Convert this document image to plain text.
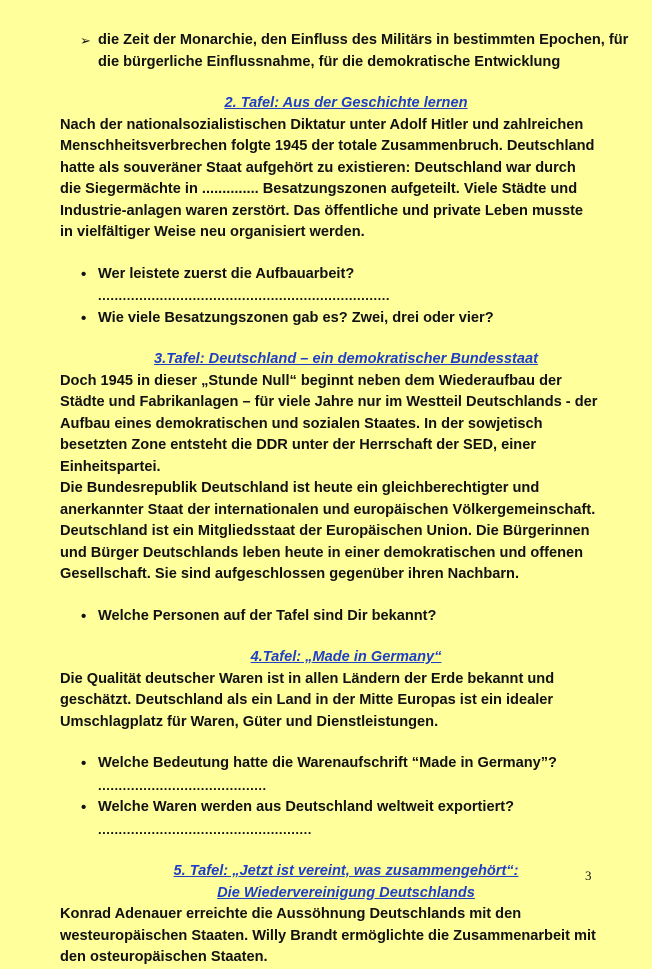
➢ die Zeit der Monarchie, den Einfluss des Militärs in bestimmten Epochen, für die bürgerliche Einflussnahme, für die demokratische Entwicklung
2. Tafel: Aus der Geschichte lernen

Nach der nationalsozialistischen Diktatur unter Adolf Hitler und zahlreichen Menschheitsverbrechen folgte 1945 der totale Zusammenbruch. Deutschland hatte als souveräner Staat aufgehört zu existieren: Deutschland war durch die Siegermächte in .............. Besatzungszonen aufgeteilt. Viele Städte und Industrie-anlagen waren zerstört. Das öffentliche und private Leben musste in vielfältiger Weise neu organisiert werden.

• Wer leistete zuerst die Aufbauarbeit?
.......................................................................
• Wie viele Besatzungszonen gab es? Zwei, drei oder vier?
3.Tafel: Deutschland – ein demokratischer Bundesstaat

Doch 1945 in dieser „Stunde Null“ beginnt neben dem Wiederaufbau der Städte und Fabrikanlagen – für viele Jahre nur im Westteil Deutschlands - der Aufbau eines demokratischen und sozialen Staates. In der sowjetisch besetzten Zone entsteht die DDR unter der Herrschaft der SED, einer Einheitspartei.

Die Bundesrepublik Deutschland ist heute ein gleichberechtigter und anerkannter Staat der internationalen und europäischen Völkergemeinschaft. Deutschland ist ein Mitgliedsstaat der Europäischen Union. Die Bürgerinnen und Bürger Deutschlands leben heute in einer demokratischen und offenen Gesellschaft. Sie sind aufgeschlossen gegenüber ihren Nachbarn.

• Welche Personen auf der Tafel sind Dir bekannt?
4.Tafel: „Made in Germany“

Die Qualität deutscher Waren ist in allen Ländern der Erde bekannt und geschätzt. Deutschland als ein Land in der Mitte Europas ist ein idealer Umschlagplatz für Waren, Güter und Dienstleistungen.

• Welche Bedeutung hatte die Warenaufschrift “Made in Germany”?
.........................................
• Welche Waren werden aus Deutschland weltweit exportiert?
....................................................
5. Tafel: „Jetzt ist vereint, was zusammengehört“:
Die Wiedervereinigung Deutschlands

Konrad Adenauer erreichte die Aussöhnung Deutschlands mit den westeuropäischen Staaten. Willy Brandt ermöglichte die Zusammenarbeit mit den osteuropäischen Staaten.

3
